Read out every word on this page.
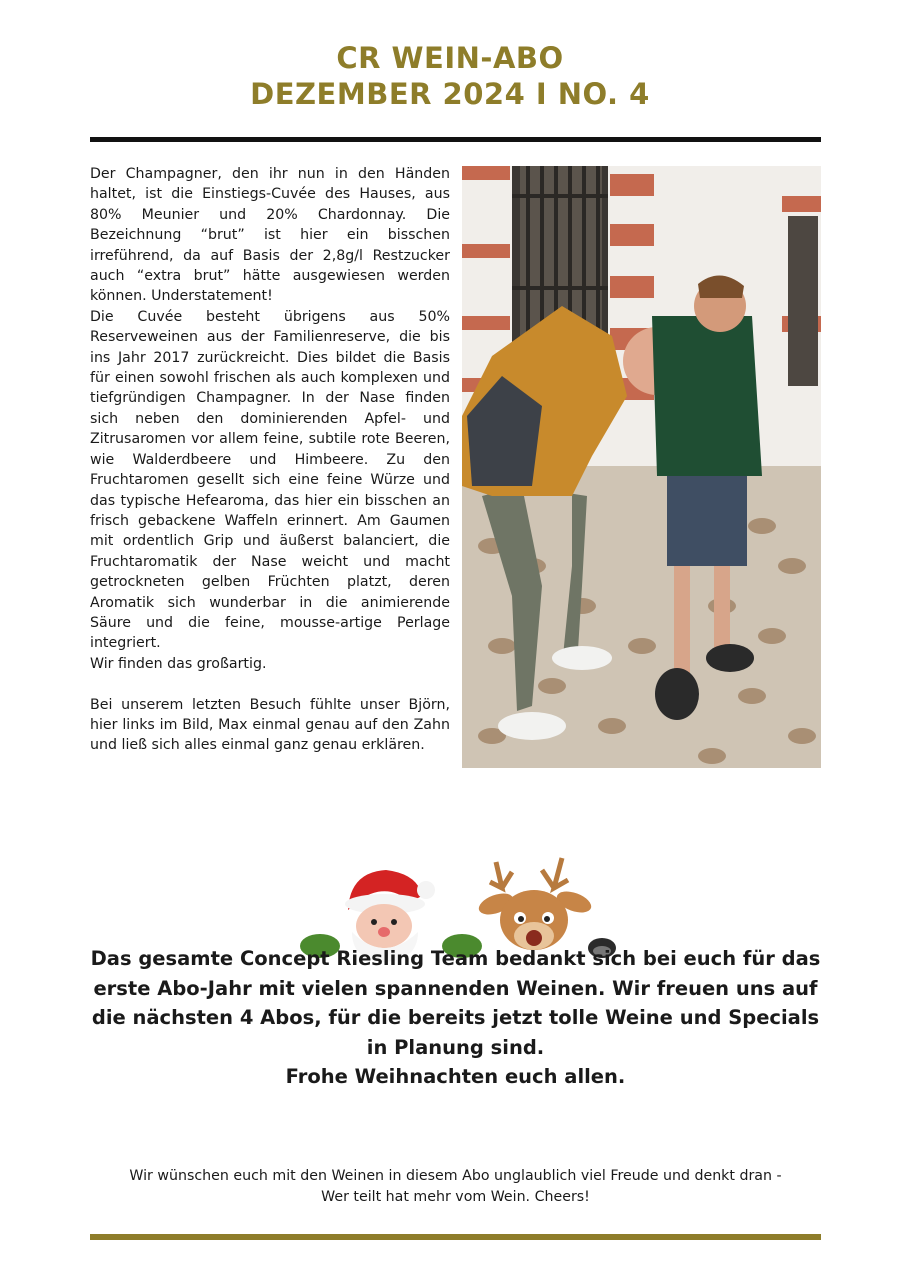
CR WEIN-ABO
DEZEMBER 2024 I NO. 4
Der Champagner, den ihr nun in den Händen haltet, ist die Einstiegs-Cuvée des Hauses, aus 80% Meunier und 20% Chardonnay. Die Bezeichnung “brut” ist hier ein bisschen irreführend, da auf Basis der 2,8g/l Restzucker auch “extra brut” hätte ausgewiesen werden können. Understatement!
Die Cuvée besteht übrigens aus 50% Reserveweinen aus der Familienreserve, die bis ins Jahr 2017 zurückreicht. Dies bildet die Basis für einen sowohl frischen als auch komplexen und tiefgründigen Champagner. In der Nase finden sich neben den dominierenden Apfel- und Zitrusaromen vor allem feine, subtile rote Beeren, wie Walderdbeere und Himbeere. Zu den Fruchtaromen gesellt sich eine feine Würze und das typische Hefearoma, das hier ein bisschen an frisch gebackene Waffeln erinnert. Am Gaumen mit ordentlich Grip und äußerst balanciert, die Fruchtaromatik der Nase weicht und macht getrockneten gelben Früchten platzt, deren Aromatik sich wunderbar in die animierende Säure und die feine, mousse-artige Perlage integriert.
Wir finden das großartig.

Bei unserem letzten Besuch fühlte unser Björn, hier links im Bild, Max einmal genau auf den Zahn und ließ sich alles einmal ganz genau erklären.
Das gesamte Concept Riesling Team bedankt sich bei euch für das erste Abo-Jahr mit vielen spannenden Weinen. Wir freuen uns auf die nächsten 4 Abos, für die bereits jetzt tolle Weine und Specials in Planung sind.
Frohe Weihnachten euch allen.
Wir wünschen euch mit den Weinen in diesem Abo unglaublich viel Freude und denkt dran -
Wer teilt hat mehr vom Wein. Cheers!
